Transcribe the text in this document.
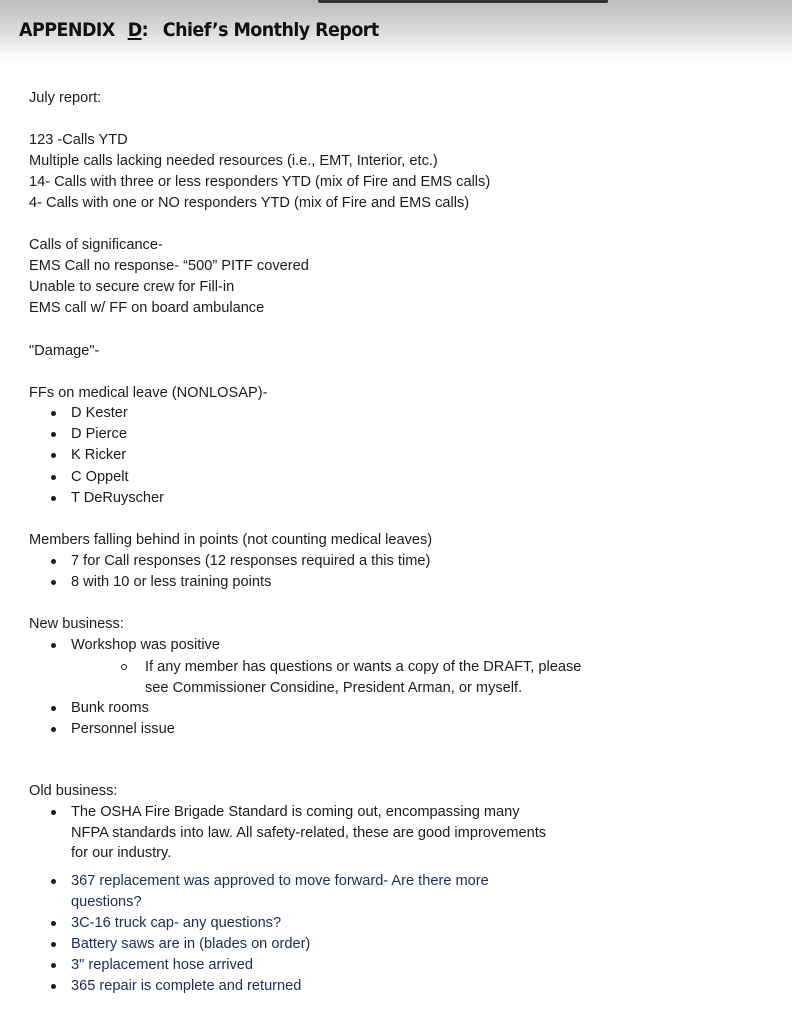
APPENDIX D: Chief’s Monthly Report
July report:
123 -Calls YTD
Multiple calls lacking needed resources (i.e., EMT, Interior, etc.)
14- Calls with three or less responders YTD (mix of Fire and EMS calls)
4- Calls with one or NO responders YTD (mix of Fire and EMS calls)
Calls of significance-
EMS Call no response- “500” PITF covered
Unable to secure crew for Fill-in
EMS call w/ FF on board ambulance
"Damage"-
FFs on medical leave (NONLOSAP)-
D Kester
D Pierce
K Ricker
C Oppelt
T DeRuyscher
Members falling behind in points (not counting medical leaves)
7 for Call responses (12 responses required a this time)
8 with 10 or less training points
New business:
Workshop was positive
If any member has questions or wants a copy of the DRAFT, please
see Commissioner Considine, President Arman, or myself.
Bunk rooms
Personnel issue
Old business:
The OSHA Fire Brigade Standard is coming out, encompassing many
NFPA standards into law. All safety-related, these are good improvements
for our industry.
367 replacement was approved to move forward- Are there more
questions?
3C-16 truck cap- any questions?
Battery saws are in (blades on order)
3" replacement hose arrived
365 repair is complete and returned
